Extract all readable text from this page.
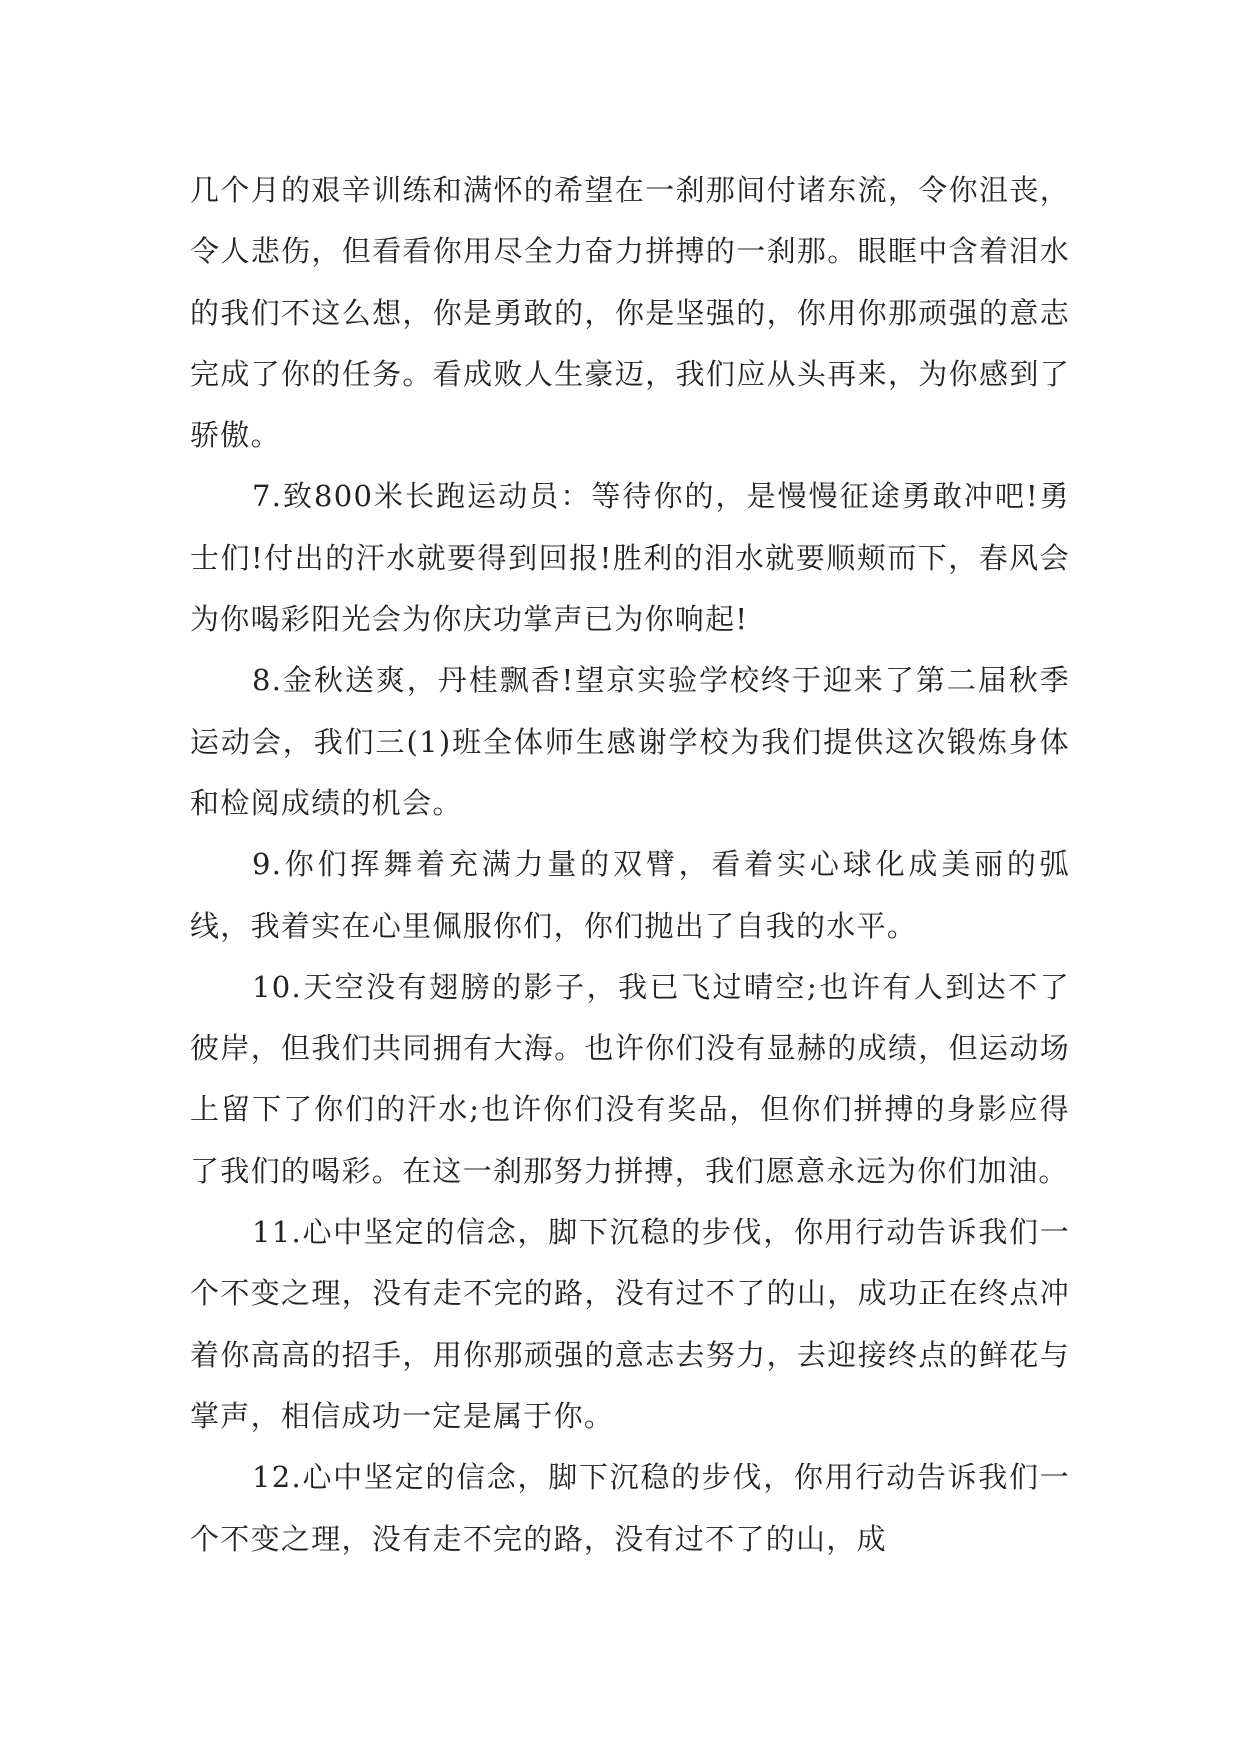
几个月的艰辛训练和满怀的希望在一刹那间付诸东流，令你沮丧，令人悲伤，但看看你用尽全力奋力拼搏的一刹那。眼眶中含着泪水的我们不这么想，你是勇敢的，你是坚强的，你用你那顽强的意志完成了你的任务。看成败人生豪迈，我们应从头再来，为你感到了骄傲。

7.致800米长跑运动员：等待你的，是慢慢征途勇敢冲吧!勇士们!付出的汗水就要得到回报!胜利的泪水就要顺颊而下，春风会为你喝彩阳光会为你庆功掌声已为你响起!

8.金秋送爽，丹桂飘香!望京实验学校终于迎来了第二届秋季运动会，我们三(1)班全体师生感谢学校为我们提供这次锻炼身体和检阅成绩的机会。

9.你们挥舞着充满力量的双臂，看着实心球化成美丽的弧线，我着实在心里佩服你们，你们抛出了自我的水平。

10.天空没有翅膀的影子，我已飞过晴空;也许有人到达不了彼岸，但我们共同拥有大海。也许你们没有显赫的成绩，但运动场上留下了你们的汗水;也许你们没有奖品，但你们拼搏的身影应得了我们的喝彩。在这一刹那努力拼搏，我们愿意永远为你们加油。

11.心中坚定的信念，脚下沉稳的步伐，你用行动告诉我们一个不变之理，没有走不完的路，没有过不了的山，成功正在终点冲着你高高的招手，用你那顽强的意志去努力，去迎接终点的鲜花与掌声，相信成功一定是属于你。

12.心中坚定的信念，脚下沉稳的步伐，你用行动告诉我们一个不变之理，没有走不完的路，没有过不了的山，成
